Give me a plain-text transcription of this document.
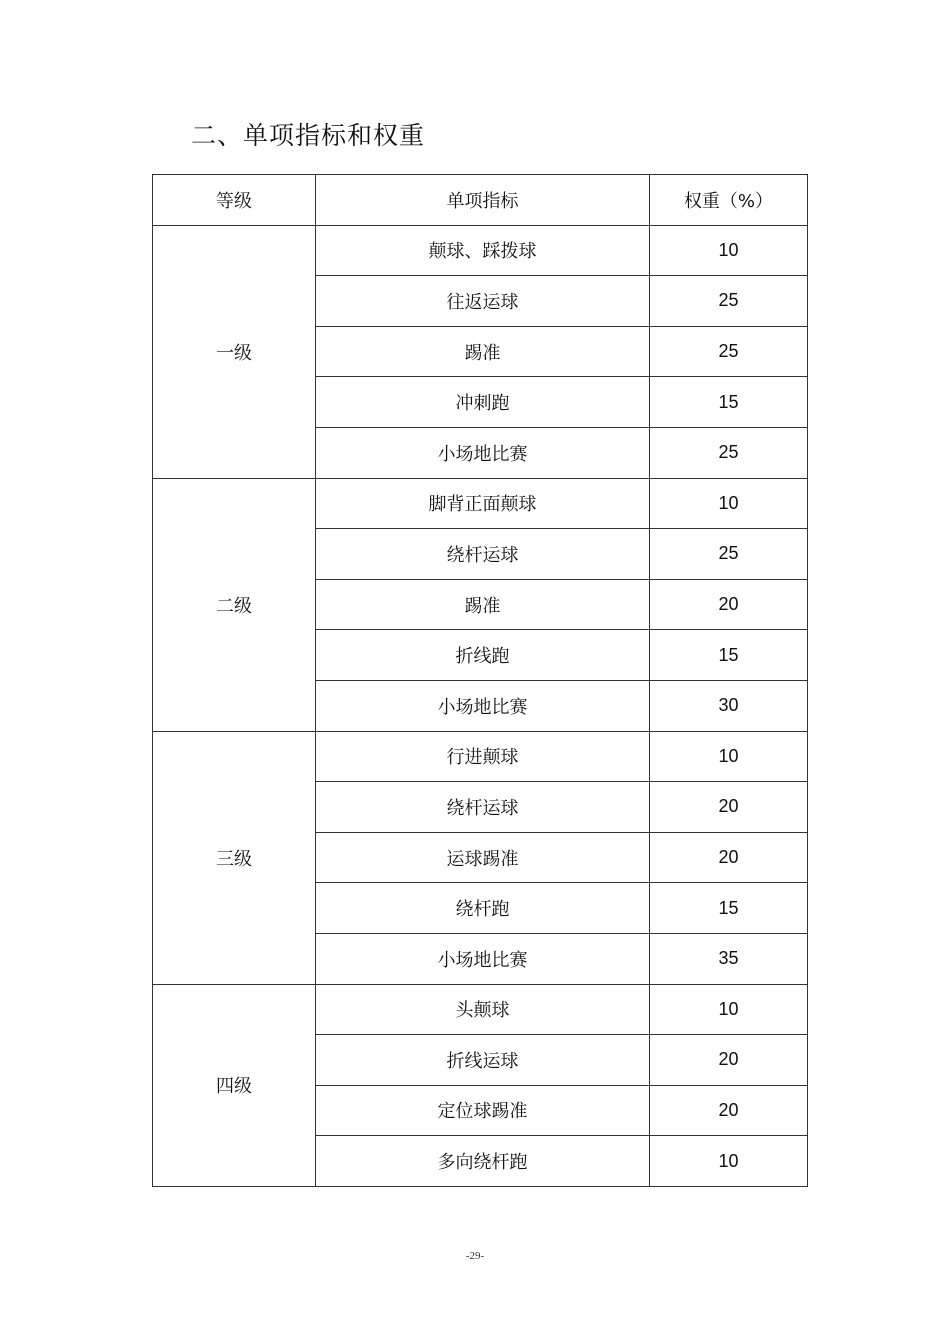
二、单项指标和权重
等级	单项指标	权重（%）
一级	颠球、踩拨球	10
	往返运球	25
	踢准	25
	冲刺跑	15
	小场地比赛	25
二级	脚背正面颠球	10
	绕杆运球	25
	踢准	20
	折线跑	15
	小场地比赛	30
三级	行进颠球	10
	绕杆运球	20
	运球踢准	20
	绕杆跑	15
	小场地比赛	35
四级	头颠球	10
	折线运球	20
	定位球踢准	20
	多向绕杆跑	10
-29-
